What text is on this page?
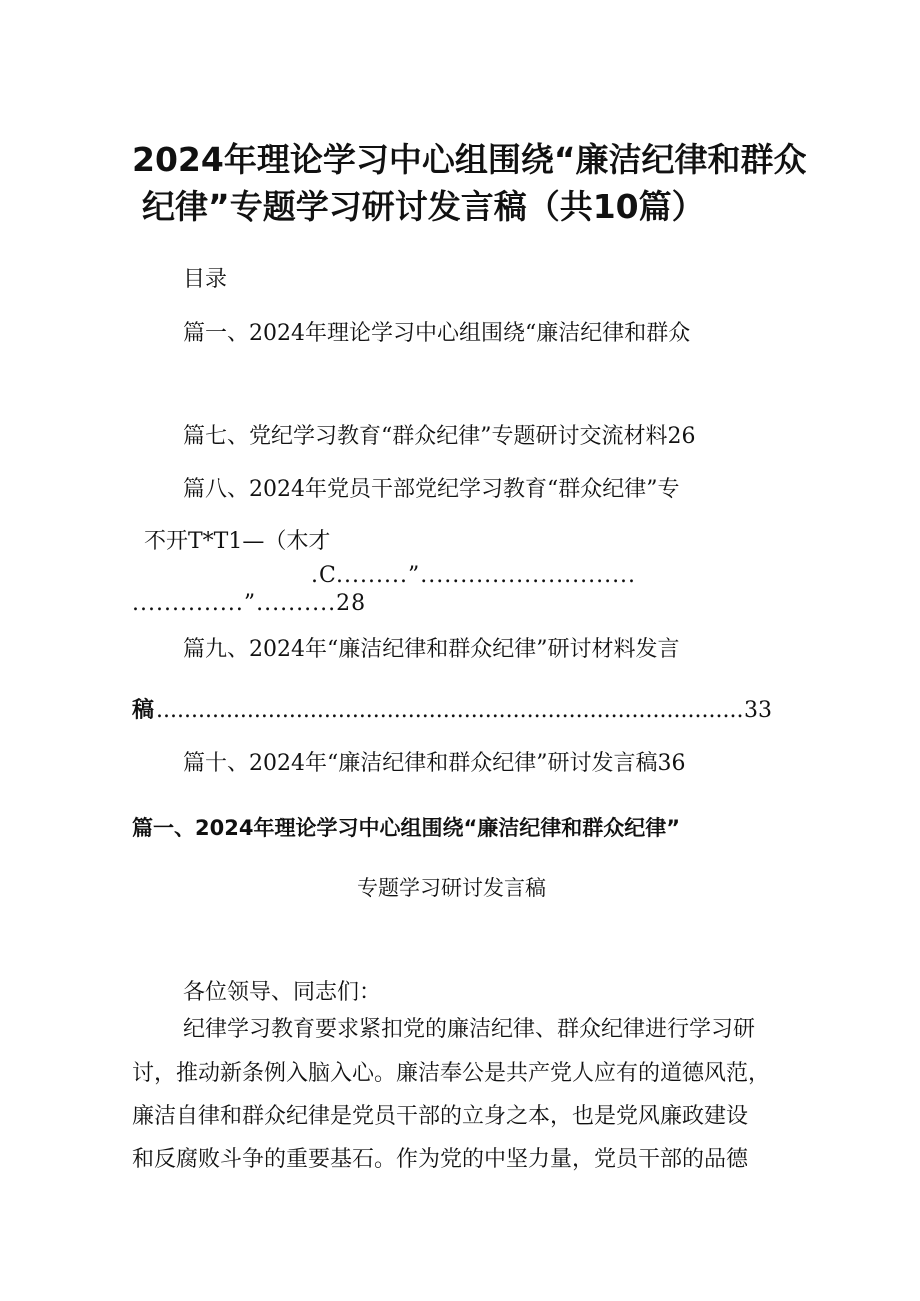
2024年理论学习中心组围绕“廉洁纪律和群众
纪律”专题学习研讨发言稿（共10篇）
目录
篇一、2024年理论学习中心组围绕“廉洁纪律和群众
篇七、党纪学习教育“群众纪律”专题研讨交流材料26
篇八、2024年党员干部党纪学习教育“群众纪律”专
不开T*T1—（木才
.C.........”...........................
..............”..........28
篇九、2024年“廉洁纪律和群众纪律”研讨材料发言
稿
.....	33
篇十、2024年“廉洁纪律和群众纪律”研讨发言稿36
篇一、2024年理论学习中心组围绕“廉洁纪律和群众纪律”
专题学习研讨发言稿
各位领导、同志们：
纪律学习教育要求紧扣党的廉洁纪律、群众纪律进行学习研
讨，推动新条例入脑入心。廉洁奉公是共产党人应有的道德风范，
廉洁自律和群众纪律是党员干部的立身之本，也是党风廉政建设
和反腐败斗争的重要基石。作为党的中坚力量，党员干部的品德
